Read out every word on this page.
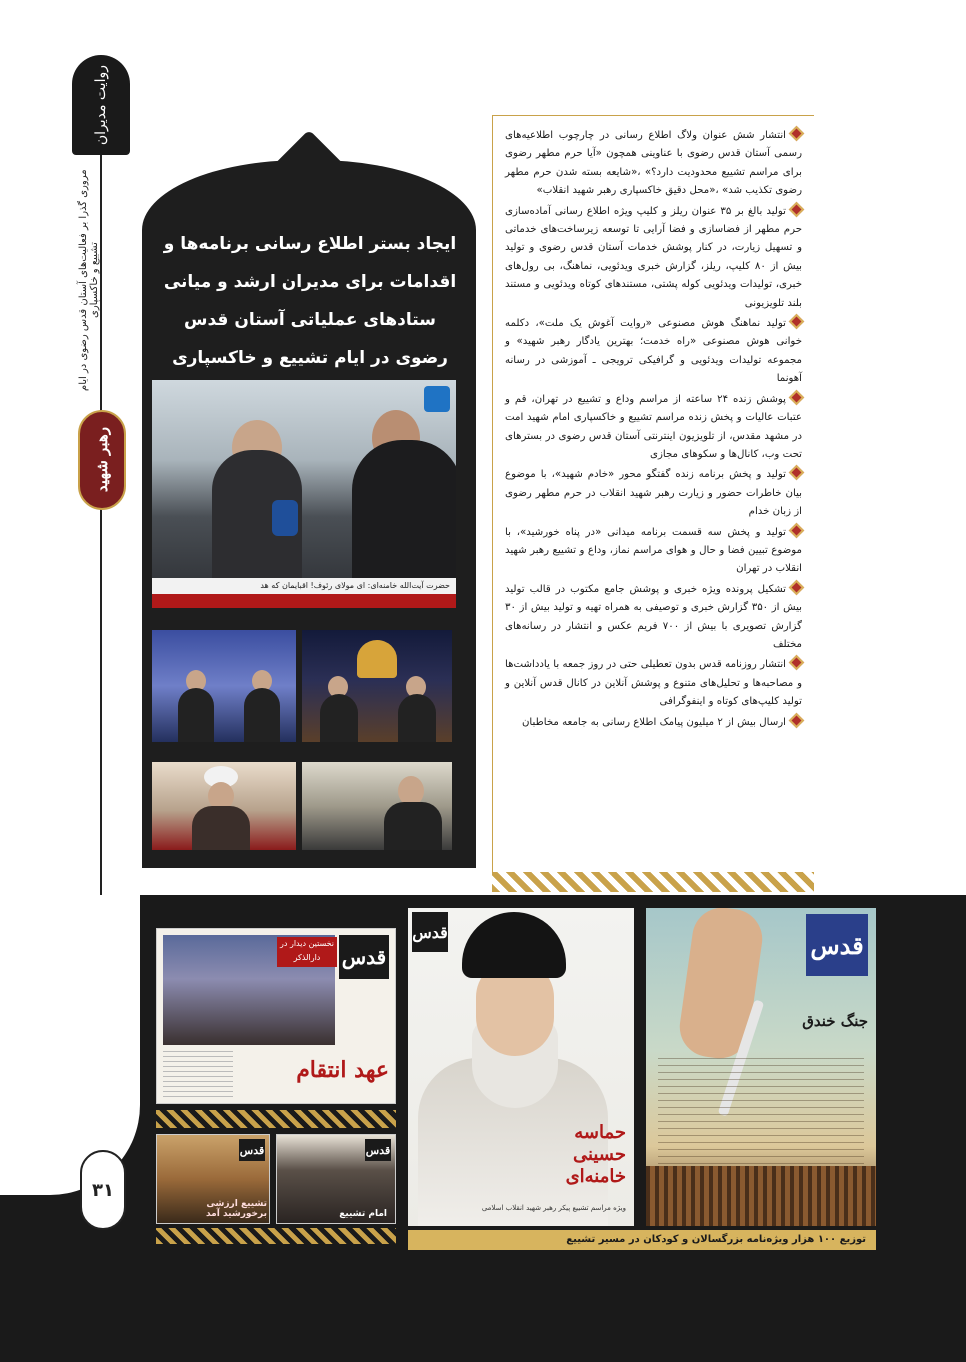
روایت مدیران
مروری گذرا بر فعالیت‌های آستان قدس رضوی در ایام تشییع و خاکسپاری
رهبر شهید
۳۱
ایجاد بستر اطلاع رسانی برنامه‌ها و اقدامات برای مدیران ارشد و میانی ستادهای عملیاتی آستان قدس رضوی در ایام تشییع و خاکسپاری
حضرت آیت‌الله خامنه‌ای: ای مولای رئوف! اقبایمان که هد
انتشار شش عنوان ولاگ اطلاع رسانی در چارچوب اطلاعیه‌های رسمی آستان قدس رضوی با عناوینی همچون «آیا حرم مطهر رضوی برای مراسم تشییع محدودیت دارد؟» ،«شایعه بسته شدن حرم مطهر رضوی تکذیب شد» ،«محل دقیق خاکسپاری رهبر شهید انقلاب»
تولید بالغ بر ۳۵ عنوان ریلز و کلیپ ویژه اطلاع رسانی آماده‌سازی حرم مطهر از فضاسازی و فضا آرایی تا توسعه زیرساخت‌های خدماتی و تسهیل زیارت، در کنار پوشش خدمات آستان قدس رضوی و تولید بیش از ۸۰ کلیپ، ریلز، گزارش خبری ویدئویی، نماهنگ، بی رول‌های خبری، تولیدات ویدئویی کوله پشتی، مستندهای کوتاه ویدئویی و مستند بلند تلویزیونی
تولید نماهنگ هوش مصنوعی «روایت آغوش یک ملت»، دکلمه خوانی هوش مصنوعی «راه خدمت؛ بهترین یادگار رهبر شهید» و مجموعه تولیدات ویدئویی و گرافیکی ترویجی ـ آموزشی در رسانه آهونما
پوشش زنده ۲۴ ساعته از مراسم وداع و تشییع در تهران، قم و عتبات عالیات و پخش زنده مراسم تشییع و خاکسپاری امام شهید امت در مشهد مقدس، از تلویزیون اینترنتی آستان قدس رضوی در بسترهای تحت وب، کانال‌ها و سکوهای مجازی
تولید و پخش برنامه زنده گفتگو محور «خادم شهید»، با موضوع بیان خاطرات حضور و زیارت رهبر شهید انقلاب در حرم مطهر رضوی از زبان خدام
تولید و پخش سه قسمت برنامه میدانی «در پناه خورشید»، با موضوع تبیین فضا و حال و هوای مراسم نماز، وداع و تشییع رهبر شهید انقلاب در تهران
تشکیل پرونده ویژه خبری و پوشش جامع مکتوب در قالب تولید بیش از ۳۵۰ گزارش خبری و توصیفی به همراه تهیه و تولید بیش از ۳۰ گزارش تصویری با بیش از ۷۰۰ فریم عکس و انتشار در رسانه‌های مختلف
انتشار روزنامه قدس بدون تعطیلی حتی در روز جمعه با یادداشت‌ها و مصاحبه‌ها و تحلیل‌های متنوع و پوشش آنلاین در کانال قدس آنلاین و تولید کلیپ‌های کوتاه و اینفوگرافی
ارسال بیش از ۲ میلیون پیامک اطلاع رسانی به جامعه مخاطبان
قدس
جنگ خندق
قدس
حماسه حسینی خامنه‌ای
ویژه مراسم تشییع پیکر رهبر شهید انقلاب اسلامی
توزیع ۱۰۰ هزار ویژه‌نامه بزرگسالان و کودکان در مسیر تشییع
قدس
نخستین دیدار در دارالذکر
عهد انتقام
قدس
تشییع ارزشی برخورشید آمد
قدس
امام تشییع
